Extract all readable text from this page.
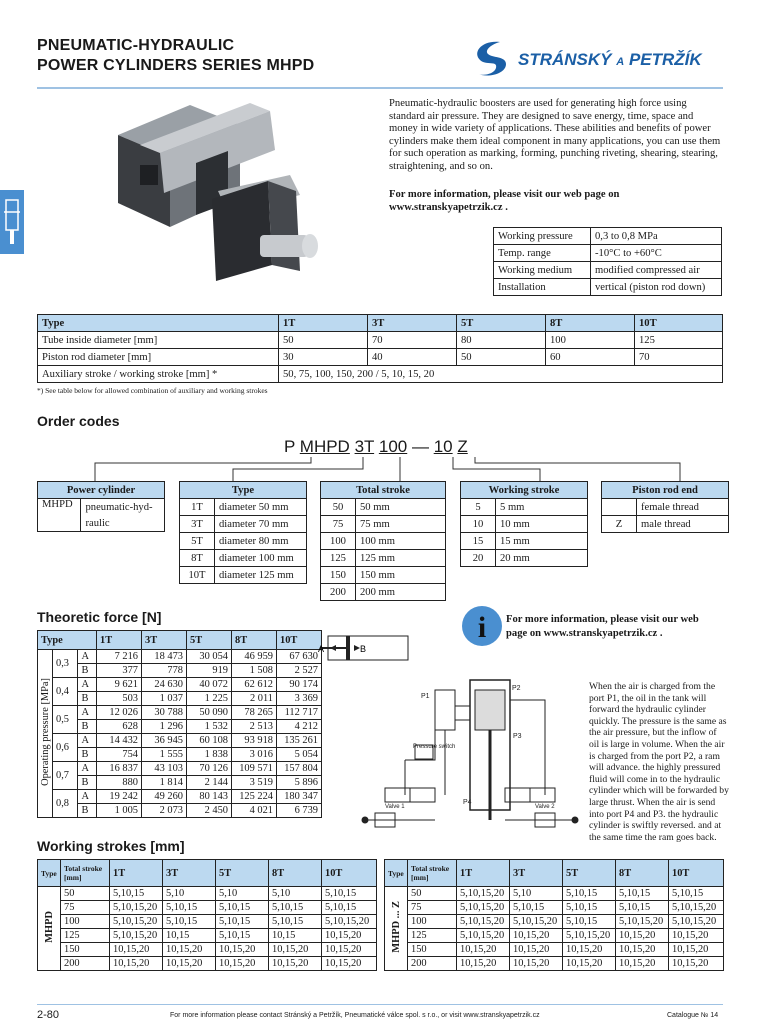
PNEUMATIC-HYDRAULIC
POWER CYLINDERS SERIES MHPD	STRÁNSKÝ A PETRŽÍK

Pneumatic-hydraulic boosters are used for generating high force using standard air pressure. They are designed to save energy, time, space and money in wide variety of applications. These abilities and benefits of power cylinders make them ideal component in many applications, you can use them for such operation as marking, forming, punching riveting, shearing, stearing, straightening, and so on.

For more information, please visit our web page on
www.stranskyapetrzik.cz .
Working pressure	0,3 to 0,8 MPa
Temp. range	-10°C to +60°C
Working medium	modified compressed air
Installation	vertical (piston rod down)
Type	1T	3T	5T	8T	10T
Tube inside diameter [mm]	50	70	80	100	125
Piston rod diameter [mm]	30	40	50	60	70
Auxiliary stroke / working stroke [mm] *	50, 75, 100, 150, 200 / 5, 10, 15, 20				
*) See table below for allowed combination of auxiliary and working strokes
Order codes
P MHPD 3T 100 — 10 Z
Power cylinder
MHPD	pneumatic-hyd-
raulic
Type	
1T	diameter 50 mm
3T	diameter 70 mm
5T	diameter 80 mm
8T	diameter 100 mm
10T	diameter 125 mm
Total stroke	
50	50 mm
75	75 mm
100	100 mm
125	125 mm
150	150 mm
200	200 mm
Working stroke	
5	5 mm
10	10 mm
15	15 mm
20	20 mm
Piston rod end	
	female thread
Z	male thread
Theoretic force [N]
Type			1T	3T	5T	8T	10T
Operating pressure [MPa]	0,3	A	7 216	18 473	30 054	46 959	67 630
		B	377	778	919	1 508	2 527
	0,4	A	9 621	24 630	40 072	62 612	90 174
		B	503	1 037	1 225	2 011	3 369
	0,5	A	12 026	30 788	50 090	78 265	112 717
		B	628	1 296	1 532	2 513	4 212
	0,6	A	14 432	36 945	60 108	93 918	135 261
		B	754	1 555	1 838	3 016	5 054
	0,7	A	16 837	43 103	70 126	109 571	157 804
		B	880	1 814	2 144	3 519	5 896
	0,8	A	19 242	49 260	80 143	125 224	180 347
		B	1 005	2 073	2 450	4 021	6 739
A	B
i	For more information, please visit our web
page on www.stranskyapetrzik.cz .
P1
P2
P3
P4
Pressure switch
Valve 1	Valve 2
When the air is charged from the port P1, the oil in the tank will forward the hydraulic cylinder quickly. The pressure is the same as the air pressure, but the inflow of oil is large in volume. When the air is charged from the port P2, a ram will advance. the highly pressured fluid will come in to the hydraulic cylinder which will be forwarded by large thrust. When the air is send into port P4 and P3. the hydraulic cylinder is swiftly reversed. and at the same time the ram goes back.
Working strokes [mm]
Type	Total stroke [mm]	1T	3T	5T	8T	10T
MHPD	50	5,10,15	5,10	5,10	5,10	5,10,15
	75	5,10,15,20	5,10,15	5,10,15	5,10,15	5,10,15
	100	5,10,15,20	5,10,15	5,10,15	5,10,15	5,10,15,20
	125	5,10,15,20	10,15	5,10,15	10,15	10,15,20
	150	10,15,20	10,15,20	10,15,20	10,15,20	10,15,20
	200	10,15,20	10,15,20	10,15,20	10,15,20	10,15,20
Type	Total stroke [mm]	1T	3T	5T	8T	10T
MHPD ... Z	50	5,10,15,20	5,10	5,10,15	5,10,15	5,10,15
	75	5,10,15,20	5,10,15	5,10,15	5,10,15	5,10,15,20
	100	5,10,15,20	5,10,15,20	5,10,15	5,10,15,20	5,10,15,20
	125	5,10,15,20	10,15,20	5,10,15,20	10,15,20	10,15,20
	150	10,15,20	10,15,20	10,15,20	10,15,20	10,15,20
	200	10,15,20	10,15,20	10,15,20	10,15,20	10,15,20
2-80	For more information please contact Stránský a Petržík, Pneumatické válce spol. s r.o., or visit www.stranskyapetrzik.cz	Catalogue № 14
